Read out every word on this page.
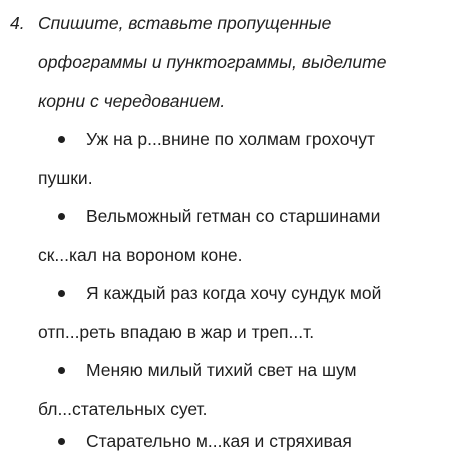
4. Спишите, вставьте пропущенные
орфограммы и пунктограммы, выделите
корни с чередованием.
Уж на р...внине по холмам грохочут
пушки.
Вельможный гетман со старшинами
ск...кал на вороном коне.
Я каждый раз когда хочу сундук мой
отп...реть впадаю в жар и треп...т.
Меняю милый тихий свет на шум
бл...стательных сует.
Старательно м...кая и стряхивая
